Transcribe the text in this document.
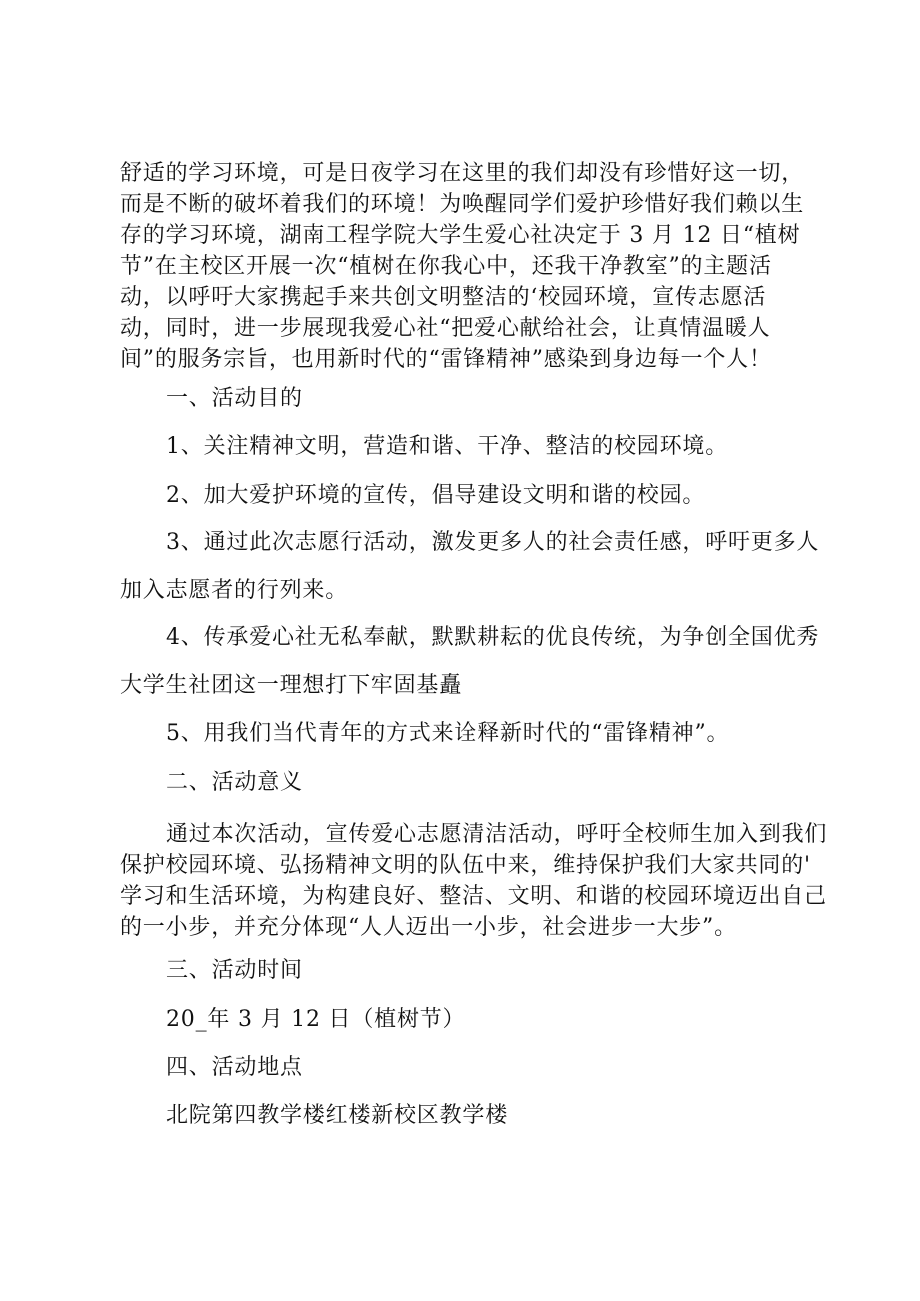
舒适的学习环境，可是日夜学习在这里的我们却没有珍惜好这一切，
而是不断的破坏着我们的环境！为唤醒同学们爱护珍惜好我们赖以生
存的学习环境，湖南工程学院大学生爱心社决定于 3 月 12 日“植树
节”在主校区开展一次“植树在你我心中，还我干净教室”的主题活
动，以呼吁大家携起手来共创文明整洁的‘校园环境，宣传志愿活
动，同时，进一步展现我爱心社“把爱心献给社会，让真情温暖人
间”的服务宗旨，也用新时代的“雷锋精神”感染到身边每一个人！

一、活动目的

1、关注精神文明，营造和谐、干净、整洁的校园环境。

2、加大爱护环境的宣传，倡导建设文明和谐的校园。

3、通过此次志愿行活动，激发更多人的社会责任感，呼吁更多人

加入志愿者的行列来。

4、传承爱心社无私奉献，默默耕耘的优良传统，为争创全国优秀

大学生社团这一理想打下牢固基矗

5、用我们当代青年的方式来诠释新时代的“雷锋精神”。

二、活动意义

通过本次活动，宣传爱心志愿清洁活动，呼吁全校师生加入到我们
保护校园环境、弘扬精神文明的队伍中来，维持保护我们大家共同的'
学习和生活环境，为构建良好、整洁、文明、和谐的校园环境迈出自己
的一小步，并充分体现“人人迈出一小步，社会进步一大步”。

三、活动时间

20_年 3 月 12 日（植树节）

四、活动地点

北院第四教学楼红楼新校区教学楼
